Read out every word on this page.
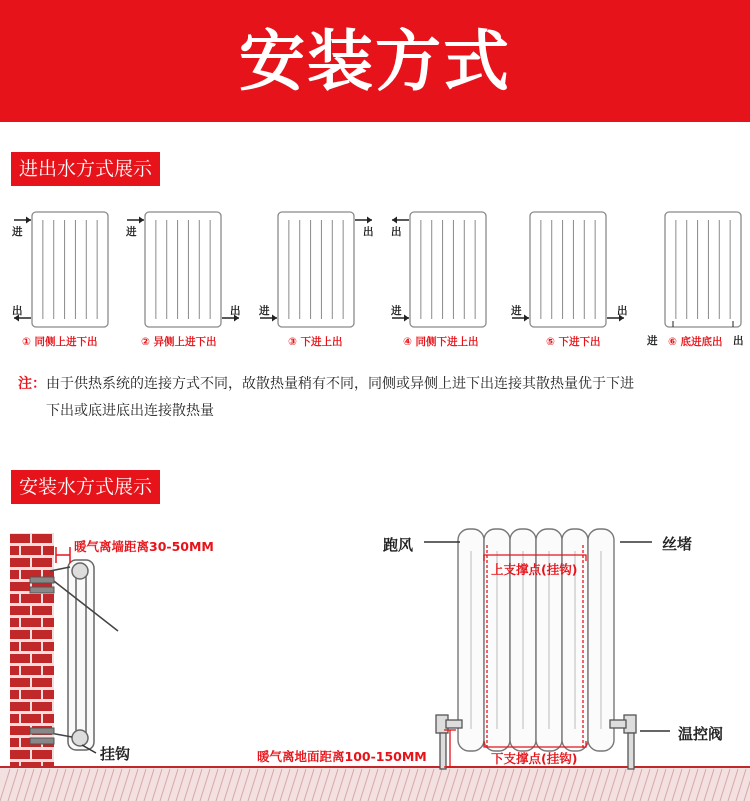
安装方式
进出水方式展示
① 同侧上进下出	② 异侧上进下出	③ 下进上出	④ 同侧下进上出	⑤ 下进下出	⑥ 底进底出
进
出
进
出 进
出
进
出
进	出
进	出
注：由于供热系统的连接方式不同，故散热量稍有不同，同侧或异侧上进下出连接其散热量优于下进
下出或底进底出连接散热量
安装水方式展示
暖气离墙距离30-50MM
挂钩
跑风	丝堵
上支撑点(挂钩)
下支撑点(挂钩)
温控阀
暖气离地面距离100-150MM
